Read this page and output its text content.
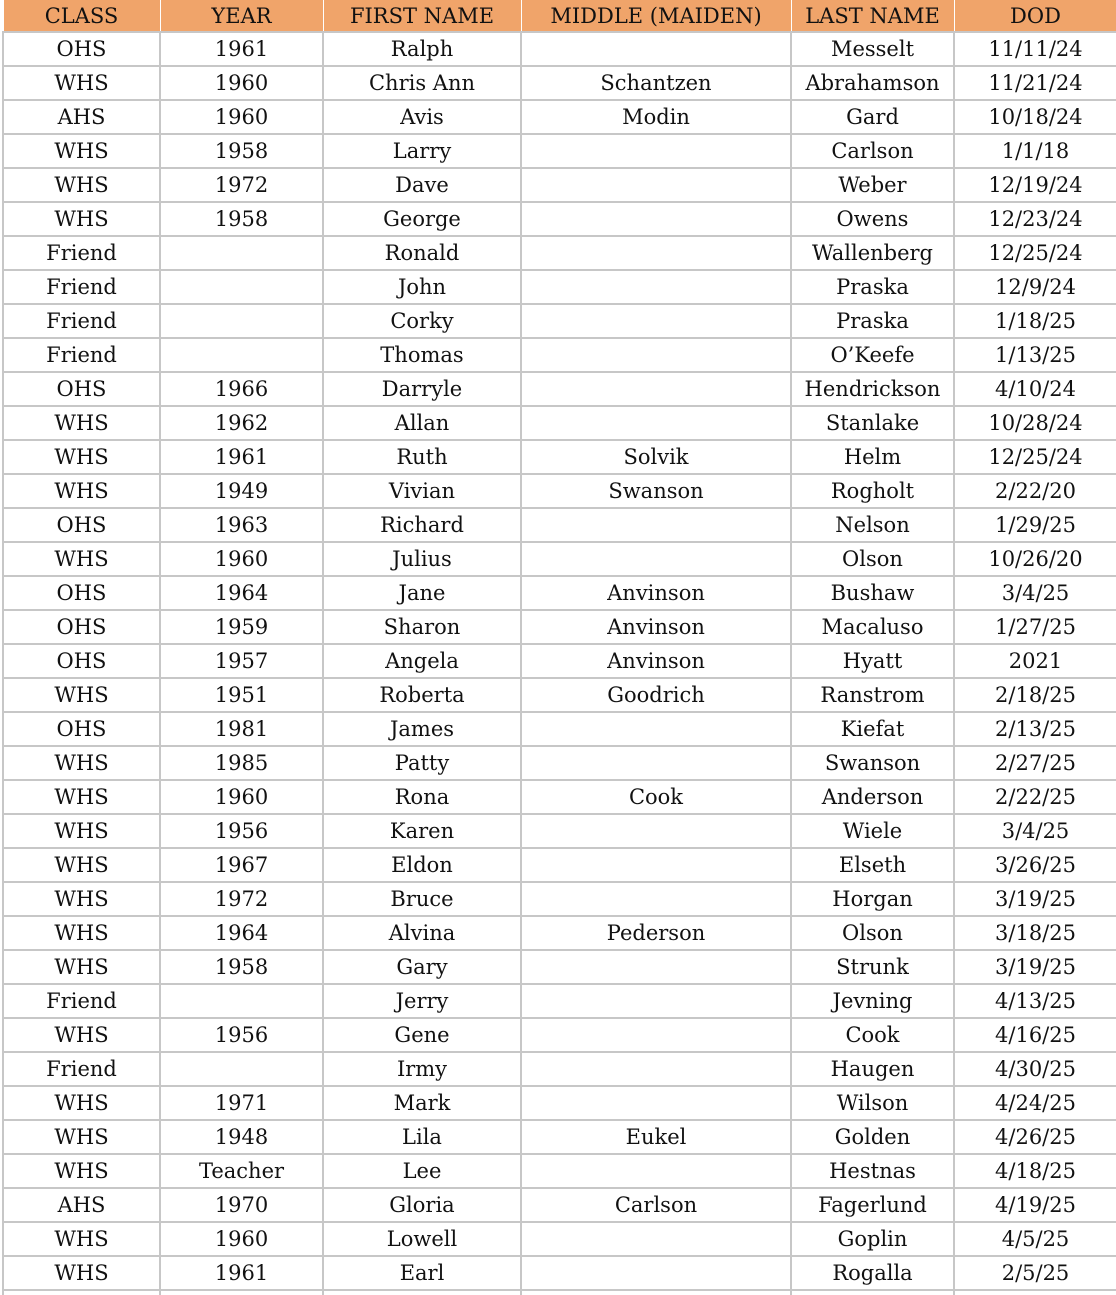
CLASS	YEAR	FIRST NAME	MIDDLE (MAIDEN)	LAST NAME	DOD
OHS	1961	Ralph		Messelt	11/11/24
WHS	1960	Chris Ann	Schantzen	Abrahamson	11/21/24
AHS	1960	Avis	Modin	Gard	10/18/24
WHS	1958	Larry		Carlson	1/1/18
WHS	1972	Dave		Weber	12/19/24
WHS	1958	George		Owens	12/23/24
Friend		Ronald		Wallenberg	12/25/24
Friend		John		Praska	12/9/24
Friend		Corky		Praska	1/18/25
Friend		Thomas		O’Keefe	1/13/25
OHS	1966	Darryle		Hendrickson	4/10/24
WHS	1962	Allan		Stanlake	10/28/24
WHS	1961	Ruth	Solvik	Helm	12/25/24
WHS	1949	Vivian	Swanson	Rogholt	2/22/20
OHS	1963	Richard		Nelson	1/29/25
WHS	1960	Julius		Olson	10/26/20
OHS	1964	Jane	Anvinson	Bushaw	3/4/25
OHS	1959	Sharon	Anvinson	Macaluso	1/27/25
OHS	1957	Angela	Anvinson	Hyatt	2021
WHS	1951	Roberta	Goodrich	Ranstrom	2/18/25
OHS	1981	James		Kiefat	2/13/25
WHS	1985	Patty		Swanson	2/27/25
WHS	1960	Rona	Cook	Anderson	2/22/25
WHS	1956	Karen		Wiele	3/4/25
WHS	1967	Eldon		Elseth	3/26/25
WHS	1972	Bruce		Horgan	3/19/25
WHS	1964	Alvina	Pederson	Olson	3/18/25
WHS	1958	Gary		Strunk	3/19/25
Friend		Jerry		Jevning	4/13/25
WHS	1956	Gene		Cook	4/16/25
Friend		Irmy		Haugen	4/30/25
WHS	1971	Mark		Wilson	4/24/25
WHS	1948	Lila	Eukel	Golden	4/26/25
WHS	Teacher	Lee		Hestnas	4/18/25
AHS	1970	Gloria	Carlson	Fagerlund	4/19/25
WHS	1960	Lowell		Goplin	4/5/25
WHS	1961	Earl		Rogalla	2/5/25
